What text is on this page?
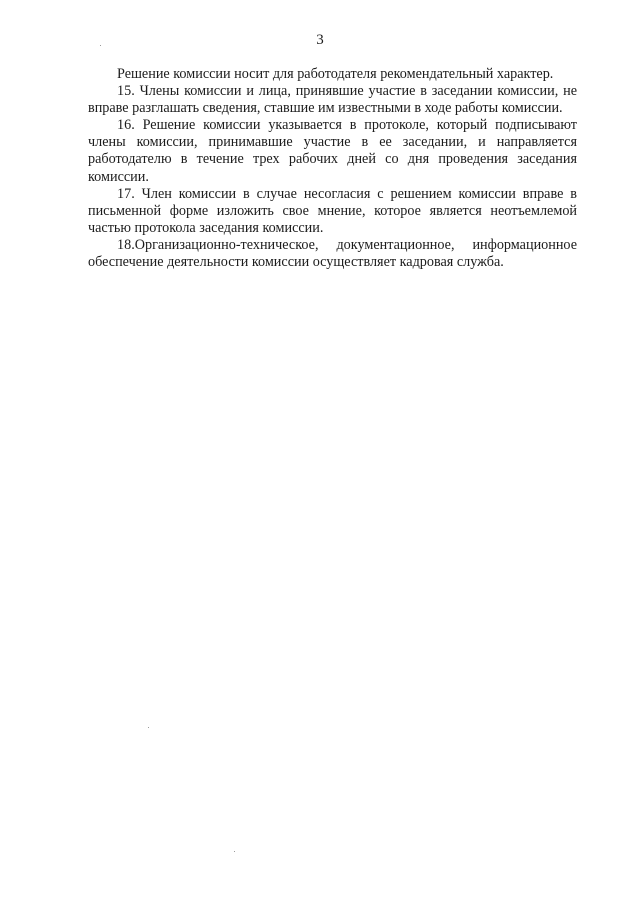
3

Решение комиссии носит для работодателя рекомендательный характер.

15. Члены комиссии и лица, принявшие участие в заседании комиссии, не вправе разглашать сведения, ставшие им известными в ходе работы комиссии.

16. Решение комиссии указывается в протоколе, который подписывают члены комиссии, принимавшие участие в ее заседании, и направляется работодателю в течение трех рабочих дней со дня проведения заседания комиссии.

17. Член комиссии в случае несогласия с решением комиссии вправе в письменной форме изложить свое мнение, которое является неотъемлемой частью протокола заседания комиссии.

18.Организационно-техническое, документационное, информационное обеспечение деятельности комиссии осуществляет кадровая служба.
